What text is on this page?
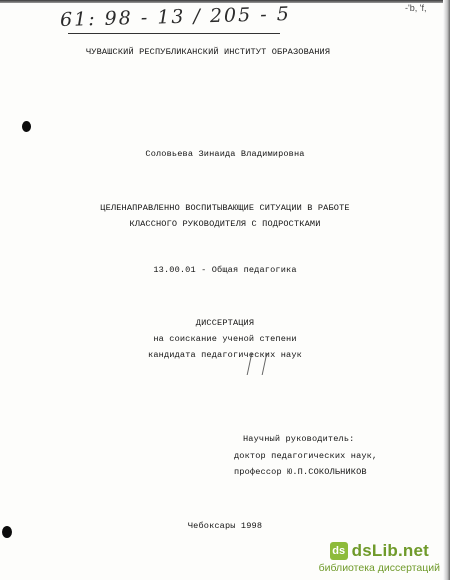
61: 98 - 13 / 205 - 5	‐'b, 'f,
ЧУВАШСКИЙ РЕСПУБЛИКАНСКИЙ ИНСТИТУТ ОБРАЗОВАНИЯ
Соловьева Зинаида Владимировна
ЦЕЛЕНАПРАВЛЕННО ВОСПИТЫВАЮЩИЕ СИТУАЦИИ В РАБОТЕ
КЛАССНОГО РУКОВОДИТЕЛЯ С ПОДРОСТКАМИ
13.00.01 - Общая педагогика
ДИССЕРТАЦИЯ
на соискание ученой степени
кандидата педагогических наук
Научный руководитель:
доктор педагогических наук,
профессор Ю.П.СОКОЛЬНИКОВ
Чебоксары 1998
ds dsLib.net
библиотека диссертаций
